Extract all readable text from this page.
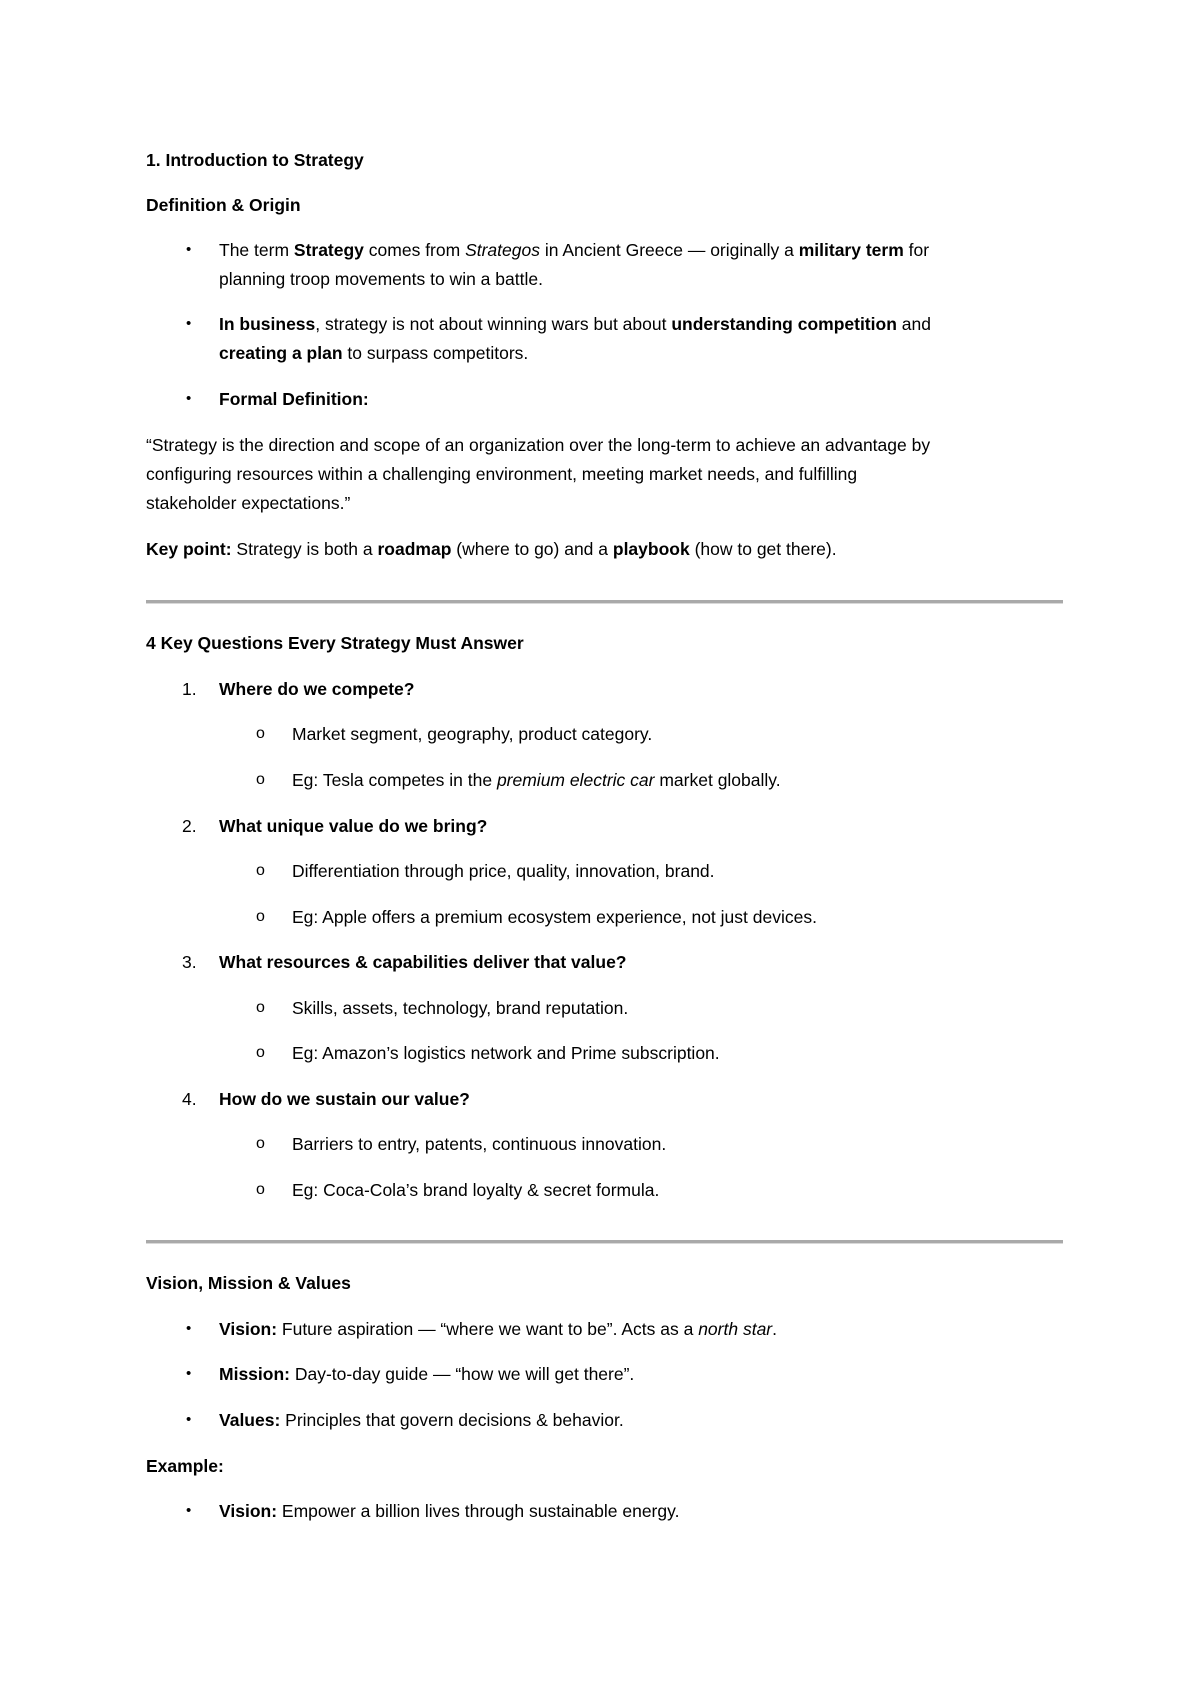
1. Introduction to Strategy
Definition & Origin
• The term Strategy comes from Strategos in Ancient Greece — originally a military term for
planning troop movements to win a battle.
• In business, strategy is not about winning wars but about understanding competition and
creating a plan to surpass competitors.
• Formal Definition:
“Strategy is the direction and scope of an organization over the long-term to achieve an advantage by
configuring resources within a challenging environment, meeting market needs, and fulfilling
stakeholder expectations.”
Key point: Strategy is both a roadmap (where to go) and a playbook (how to get there).
4 Key Questions Every Strategy Must Answer
1. Where do we compete?
o Market segment, geography, product category.
o Eg: Tesla competes in the premium electric car market globally.
2. What unique value do we bring?
o Differentiation through price, quality, innovation, brand.
o Eg: Apple offers a premium ecosystem experience, not just devices.
3. What resources & capabilities deliver that value?
o Skills, assets, technology, brand reputation.
o Eg: Amazon’s logistics network and Prime subscription.
4. How do we sustain our value?
o Barriers to entry, patents, continuous innovation.
o Eg: Coca-Cola’s brand loyalty & secret formula.
Vision, Mission & Values
• Vision: Future aspiration — “where we want to be”. Acts as a north star.
• Mission: Day-to-day guide — “how we will get there”.
• Values: Principles that govern decisions & behavior.
Example:
• Vision: Empower a billion lives through sustainable energy.
